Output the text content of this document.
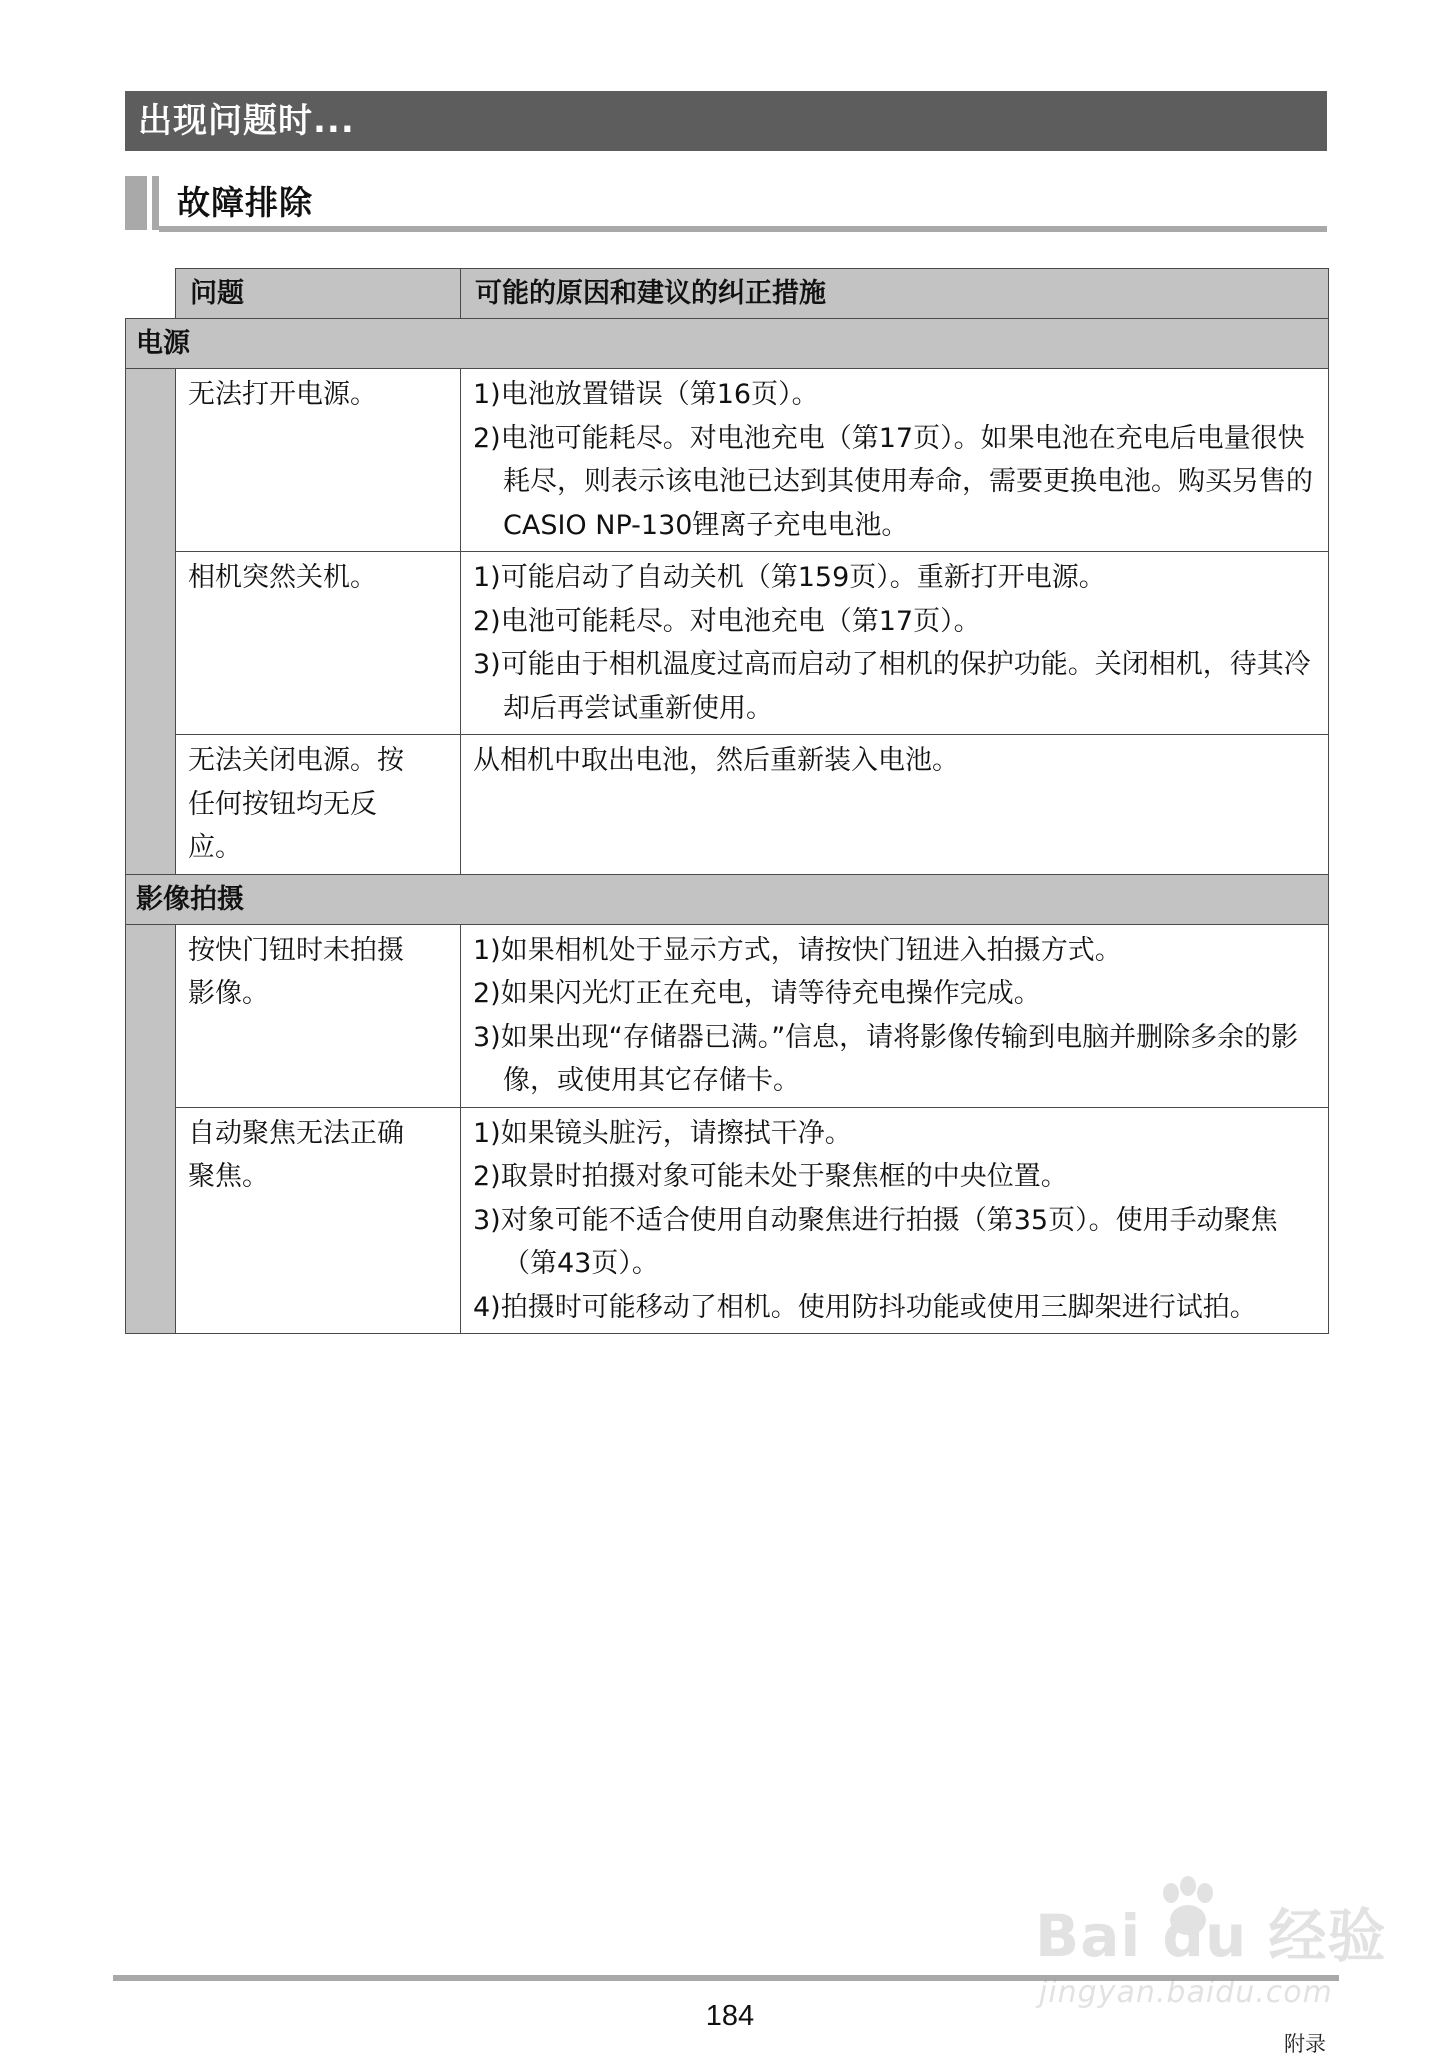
出现问题时...
故障排除
	问题	可能的原因和建议的纠正措施
电源		

	无法打开电源。	1)电池放置错误（第16页）。
2)电池可能耗尽。对电池充电（第17页）。如果电池在充电后电量很快耗尽，则表示该电池已达到其使用寿命，需要更换电池。购买另售的CASIO NP-130锂离子充电电池。

	相机突然关机。	1)可能启动了自动关机（第159页）。重新打开电源。
2)电池可能耗尽。对电池充电（第17页）。
3)可能由于相机温度过高而启动了相机的保护功能。关闭相机，待其冷却后再尝试重新使用。

	无法关闭电源。按
任何按钮均无反
应。	从相机中取出电池，然后重新装入电池。

影像拍摄		

	按快门钮时未拍摄
影像。	1)如果相机处于显示方式，请按快门钮进入拍摄方式。
2)如果闪光灯正在充电，请等待充电操作完成。
3)如果出现“存储器已满。”信息，请将影像传输到电脑并删除多余的影像，或使用其它存储卡。

	自动聚焦无法正确
聚焦。	1)如果镜头脏污，请擦拭干净。
2)取景时拍摄对象可能未处于聚焦框的中央位置。
3)对象可能不适合使用自动聚焦进行拍摄（第35页）。使用手动聚焦（第43页）。
4)拍摄时可能移动了相机。使用防抖功能或使用三脚架进行试拍。
184
附录
Bai du 经验
jingyan.baidu.com
